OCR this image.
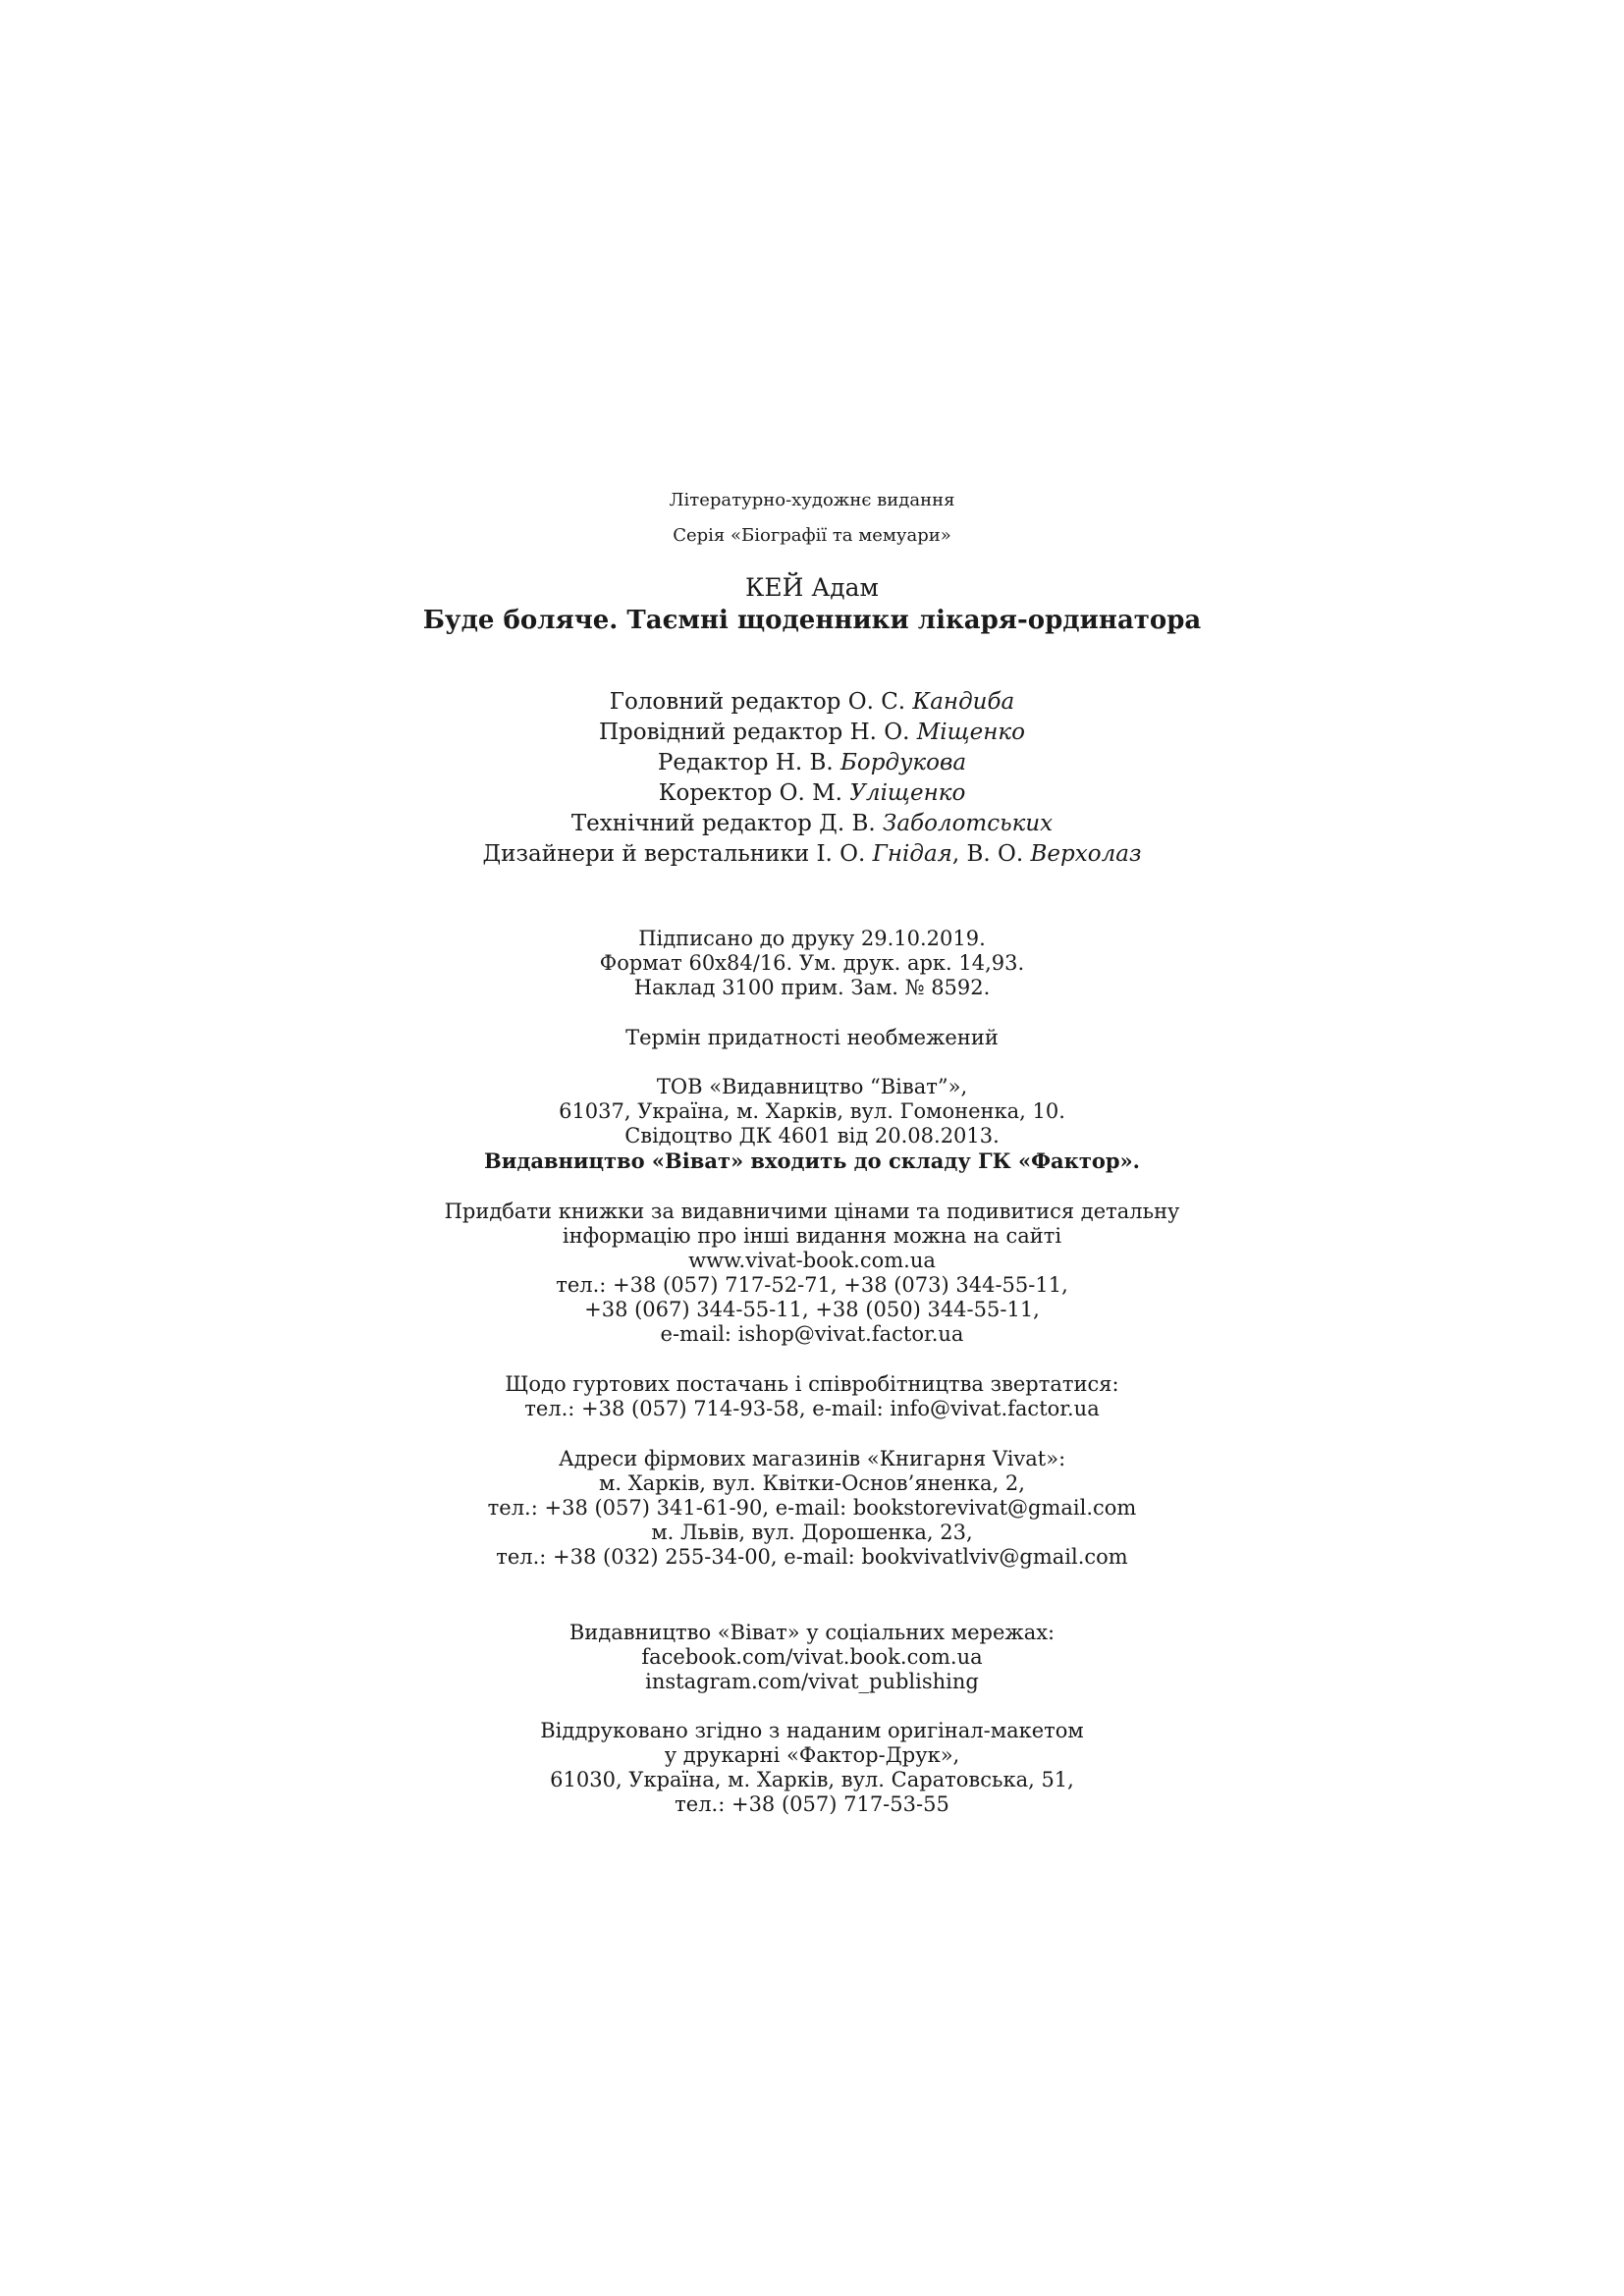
Літературно-художнє видання
Серія «Біографії та мемуари»
КЕЙ Адам
Буде боляче. Таємні щоденники лікаря-ординатора
Головний редактор О. С. Кандиба
Провідний редактор Н. О. Міщенко
Редактор Н. В. Бордукова
Коректор О. М. Улiщенко
Технічний редактор Д. В. Заболотських
Дизайнери й верстальники І. О. Гнідая, В. О. Верхолаз
Підписано до друку 29.10.2019.
Формат 60х84/16. Ум. друк. арк. 14,93.
Наклад 3100 прим. Зам. № 8592.
Термін придатності необмежений
ТОВ «Видавництво “Віват”»,
61037, Україна, м. Харків, вул. Гомоненка, 10.
Свідоцтво ДК 4601 від 20.08.2013.
Видавництво «Віват» входить до складу ГК «Фактор».
Придбати книжки за видавничими цінами та подивитися детальну
інформацію про інші видання можна на сайті
www.vivat-book.com.ua
тел.: +38 (057) 717-52-71, +38 (073) 344-55-11,
+38 (067) 344-55-11, +38 (050) 344-55-11,
e-mail: ishop@vivat.factor.ua
Щодо гуртових постачань і співробітництва звертатися:
тел.: +38 (057) 714-93-58, e-mail: info@vivat.factor.ua
Адреси фірмових магазинів «Книгарня Vivat»:
м. Харків, вул. Квітки-Основ’яненка, 2,
тел.: +38 (057) 341-61-90, e-mail: bookstorevivat@gmail.com
м. Львів, вул. Дорошенка, 23,
тел.: +38 (032) 255-34-00, e-mail: bookvivatlviv@gmail.com
Видавництво «Віват» у соціальних мережах:
facebook.com/vivat.book.com.ua
instagram.com/vivat_publishing
Віддруковано згідно з наданим оригінал-макетом
у друкарні «Фактор-Друк»,
61030, Україна, м. Харків, вул. Саратовська, 51,
тел.: +38 (057) 717-53-55
